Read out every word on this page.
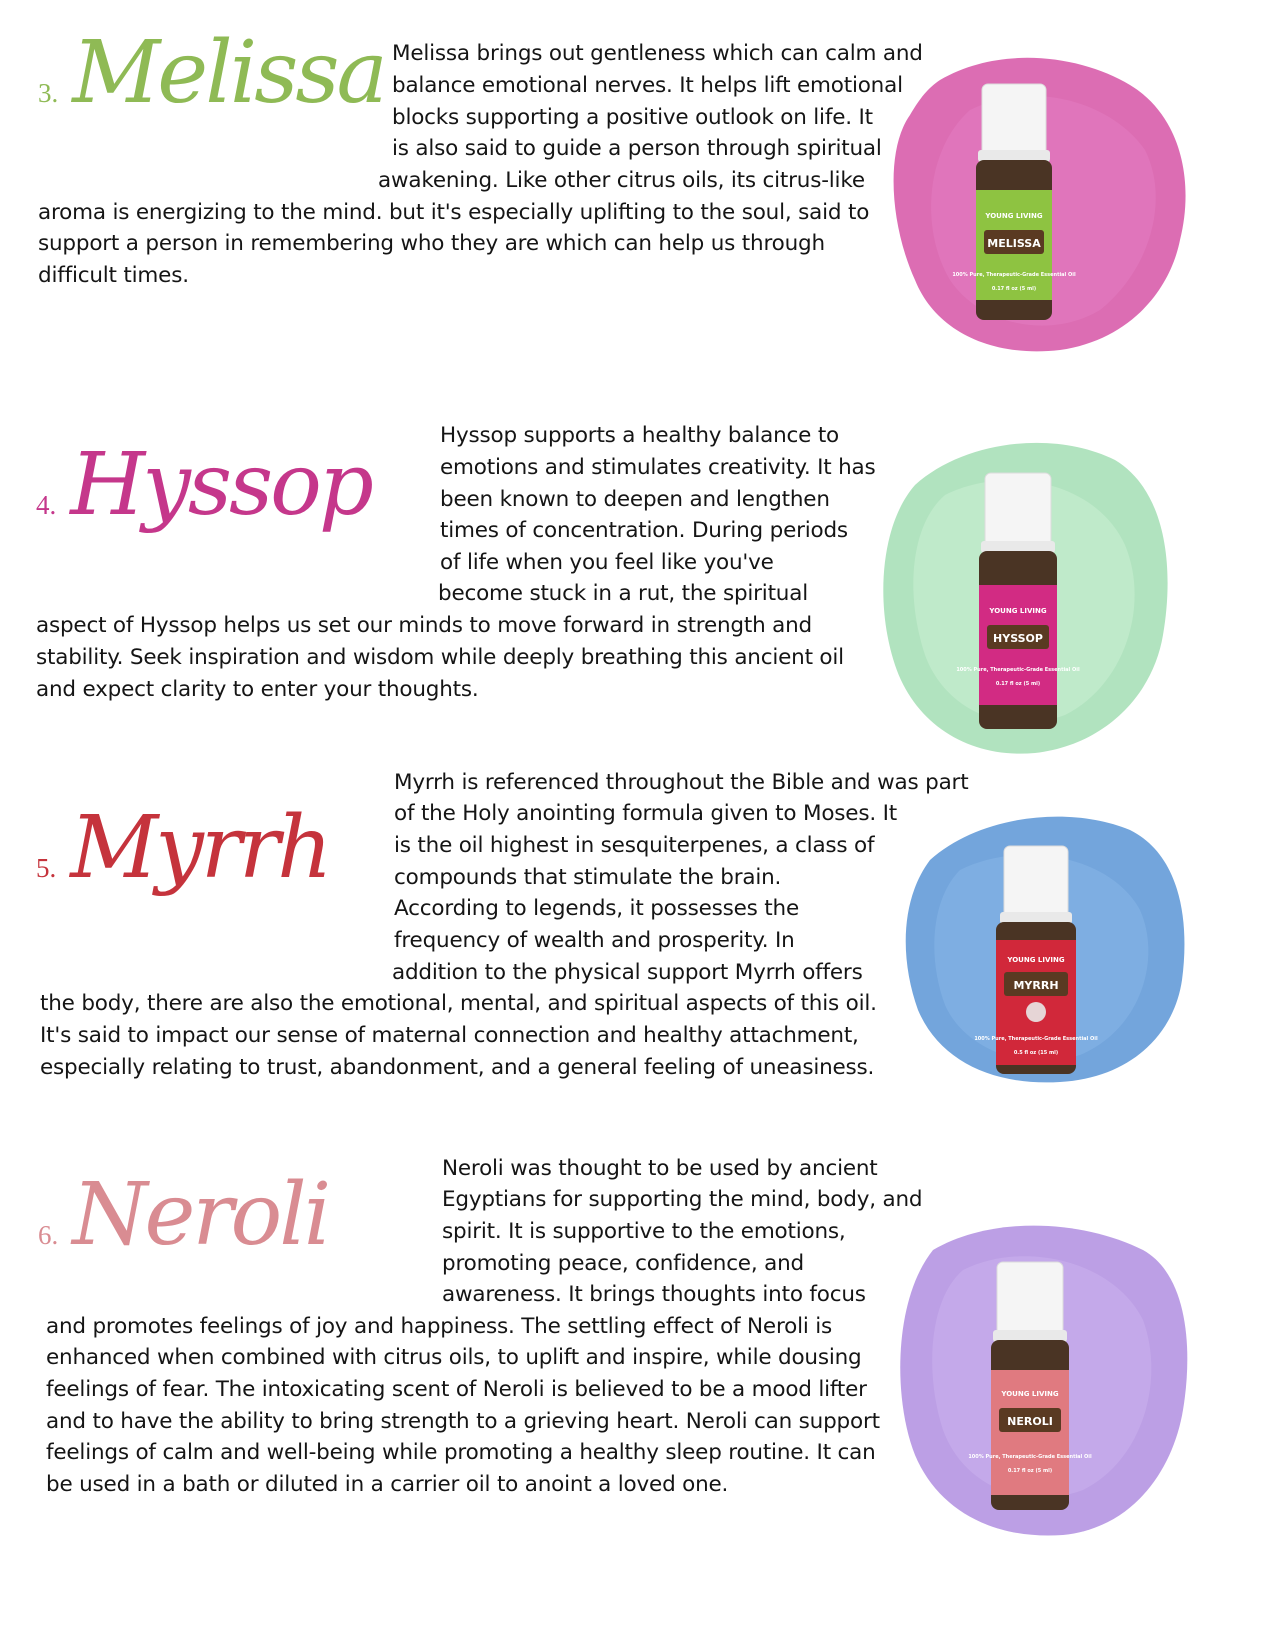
3. Melissa Melissa brings out gentleness which can calm and
balance emotional nerves. It helps lift emotional
blocks supporting a positive outlook on life. It
is also said to guide a person through spiritual
awakening. Like other citrus oils, its citrus-like
aroma is energizing to the mind. but it's especially uplifting to the soul, said to
support a person in remembering who they are which can help us through
difficult times.
YOUNG LIVING
MELISSA
100% Pure, Therapeutic-Grade Essential Oil
0.17 fl oz (5 ml)
4. Hyssop	Hyssop supports a healthy balance to
emotions and stimulates creativity. It has
been known to deepen and lengthen
times of concentration. During periods
of life when you feel like you've
become stuck in a rut, the spiritual
aspect of Hyssop helps us set our minds to move forward in strength and
stability. Seek inspiration and wisdom while deeply breathing this ancient oil
and expect clarity to enter your thoughts.
YOUNG LIVING
HYSSOP
100% Pure, Therapeutic-Grade Essential Oil
0.17 fl oz (5 ml)
5. Myrrh
Myrrh is referenced throughout the Bible and was part
of the Holy anointing formula given to Moses. It
is the oil highest in sesquiterpenes, a class of
compounds that stimulate the brain.
According to legends, it possesses the
frequency of wealth and prosperity. In
addition to the physical support Myrrh offers
the body, there are also the emotional, mental, and spiritual aspects of this oil.
It's said to impact our sense of maternal connection and healthy attachment,
especially relating to trust, abandonment, and a general feeling of uneasiness.
YOUNG LIVING
MYRRH
100% Pure, Therapeutic-Grade Essential Oil
0.5 fl oz (15 ml)
6. Neroli	Neroli was thought to be used by ancient
Egyptians for supporting the mind, body, and
spirit. It is supportive to the emotions,
promoting peace, confidence, and
awareness. It brings thoughts into focus
and promotes feelings of joy and happiness. The settling effect of Neroli is
enhanced when combined with citrus oils, to uplift and inspire, while dousing
feelings of fear. The intoxicating scent of Neroli is believed to be a mood lifter
and to have the ability to bring strength to a grieving heart. Neroli can support
feelings of calm and well-being while promoting a healthy sleep routine. It can
be used in a bath or diluted in a carrier oil to anoint a loved one.
YOUNG LIVING
NEROLI
100% Pure, Therapeutic-Grade Essential Oil
0.17 fl oz (5 ml)
